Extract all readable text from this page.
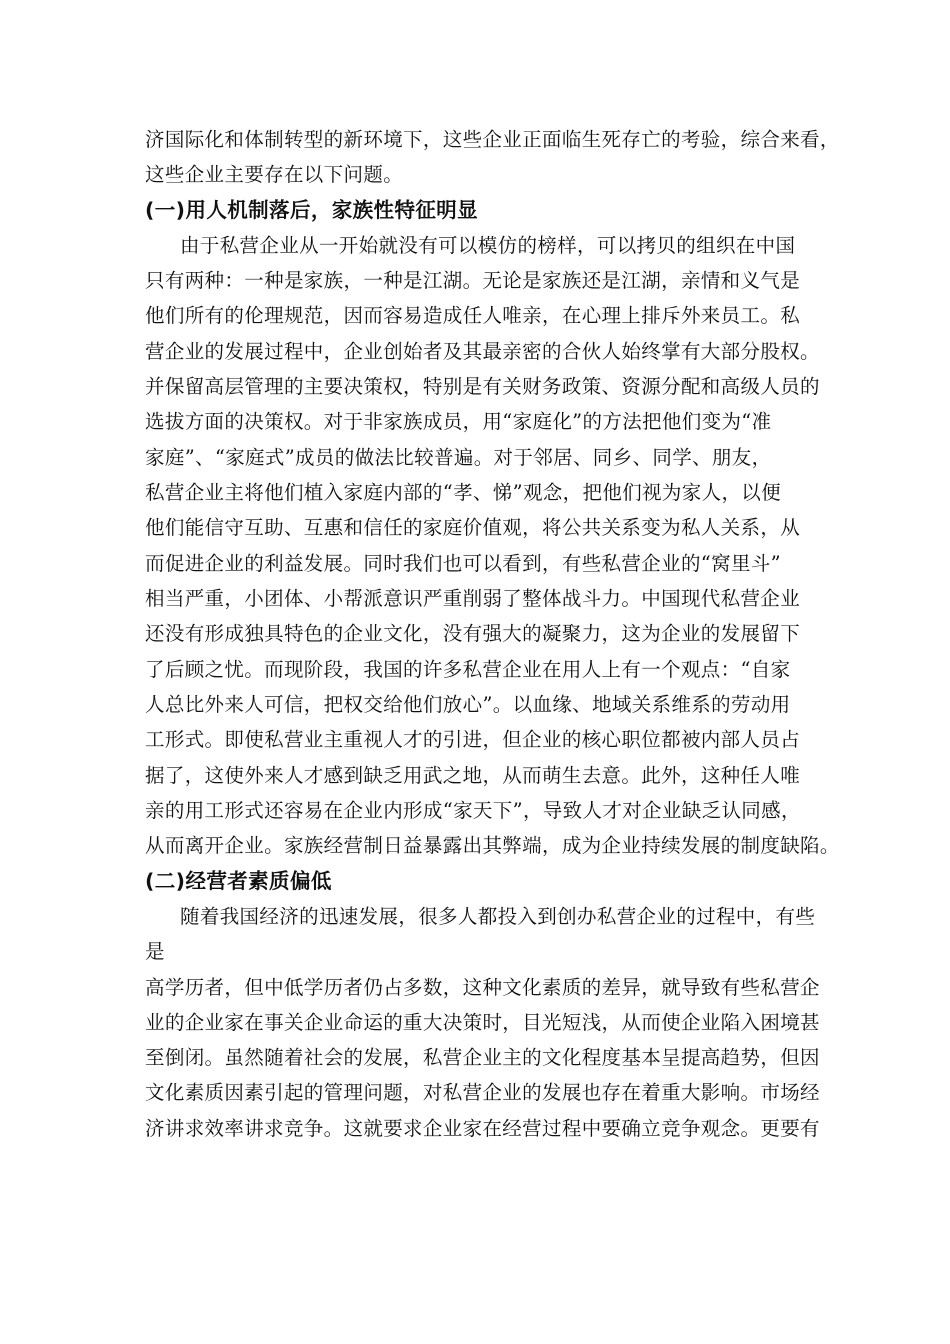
济国际化和体制转型的新环境下，这些企业正面临生死存亡的考验，综合来看，
这些企业主要存在以下问题。
(一)用人机制落后，家族性特征明显
由于私营企业从一开始就没有可以模仿的榜样，可以拷贝的组织在中国
只有两种：一种是家族，一种是江湖。无论是家族还是江湖，亲情和义气是
他们所有的伦理规范，因而容易造成任人唯亲，在心理上排斥外来员工。私
营企业的发展过程中，企业创始者及其最亲密的合伙人始终掌有大部分股权。
并保留高层管理的主要决策权，特别是有关财务政策、资源分配和高级人员的
选拔方面的决策权。对于非家族成员，用“家庭化”的方法把他们变为“准
家庭”、“家庭式”成员的做法比较普遍。对于邻居、同乡、同学、朋友，
私营企业主将他们植入家庭内部的“孝、悌”观念，把他们视为家人，以便
他们能信守互助、互惠和信任的家庭价值观，将公共关系变为私人关系，从
而促进企业的利益发展。同时我们也可以看到，有些私营企业的“窝里斗”
相当严重，小团体、小帮派意识严重削弱了整体战斗力。中国现代私营企业
还没有形成独具特色的企业文化，没有强大的凝聚力，这为企业的发展留下
了后顾之忧。而现阶段，我国的许多私营企业在用人上有一个观点：“自家
人总比外来人可信，把权交给他们放心”。以血缘、地域关系维系的劳动用
工形式。即使私营业主重视人才的引进，但企业的核心职位都被内部人员占
据了，这使外来人才感到缺乏用武之地，从而萌生去意。此外，这种任人唯
亲的用工形式还容易在企业内形成“家天下”，导致人才对企业缺乏认同感，
从而离开企业。家族经营制日益暴露出其弊端，成为企业持续发展的制度缺陷。
(二)经营者素质偏低
随着我国经济的迅速发展，很多人都投入到创办私营企业的过程中，有些
是
高学历者，但中低学历者仍占多数，这种文化素质的差异，就导致有些私营企
业的企业家在事关企业命运的重大决策时，目光短浅，从而使企业陷入困境甚
至倒闭。虽然随着社会的发展，私营企业主的文化程度基本呈提高趋势，但因
文化素质因素引起的管理问题，对私营企业的发展也存在着重大影响。市场经
济讲求效率讲求竞争。这就要求企业家在经营过程中要确立竞争观念。更要有
